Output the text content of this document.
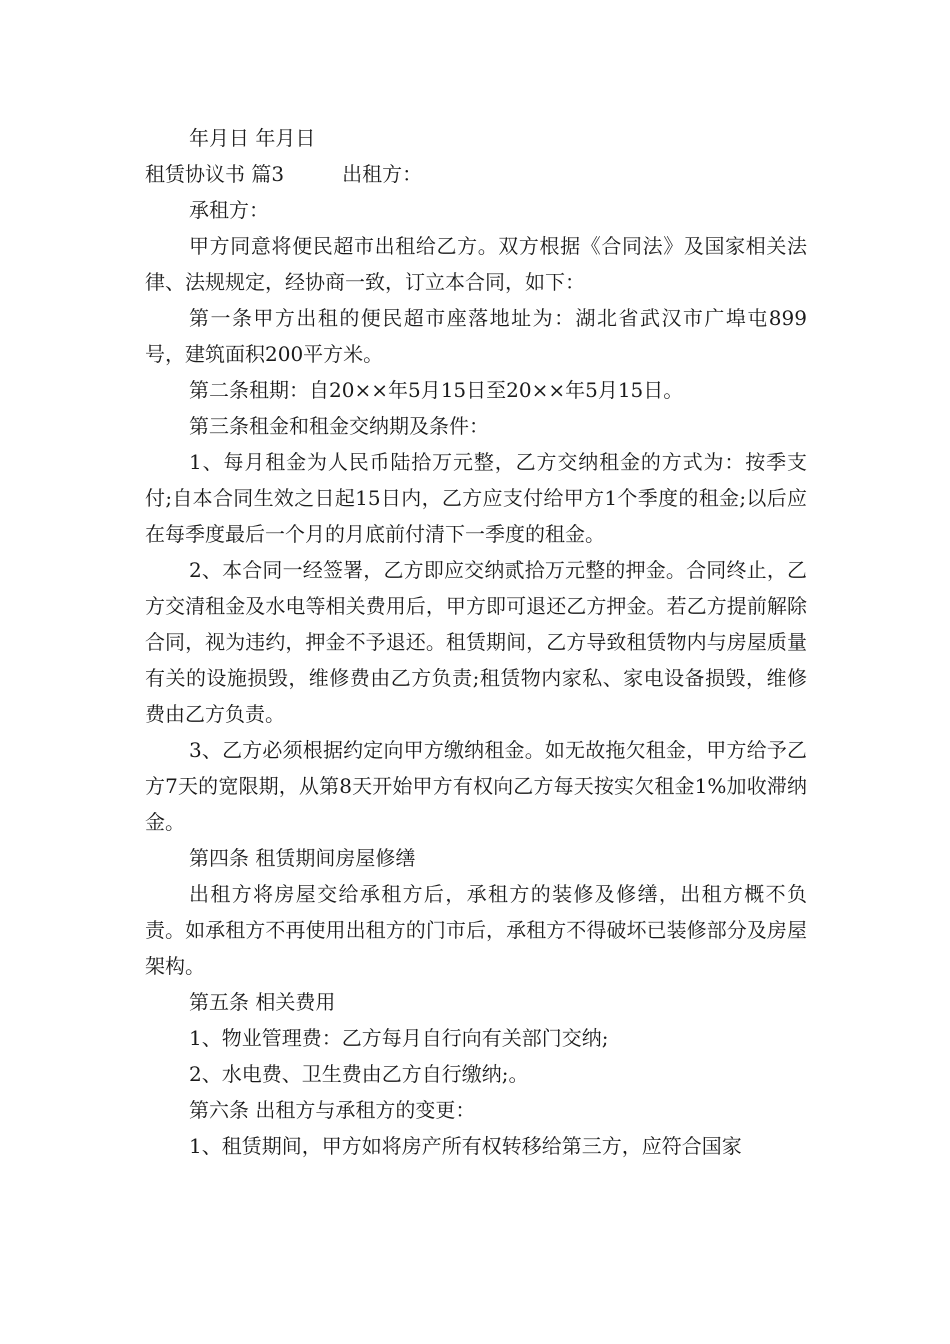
年月日 年月日

租赁协议书 篇3	出租方：

承租方：

甲方同意将便民超市出租给乙方。双方根据《合同法》及国家相关法律、法规规定，经协商一致，订立本合同，如下：

第一条甲方出租的便民超市座落地址为：湖北省武汉市广埠屯899号，建筑面积200平方米。

第二条租期：自20××年5月15日至20××年5月15日。

第三条租金和租金交纳期及条件：

1、每月租金为人民币陆拾万元整，乙方交纳租金的方式为：按季支付;自本合同生效之日起15日内，乙方应支付给甲方1个季度的租金;以后应在每季度最后一个月的月底前付清下一季度的租金。

2、本合同一经签署，乙方即应交纳贰拾万元整的押金。合同终止，乙方交清租金及水电等相关费用后，甲方即可退还乙方押金。若乙方提前解除合同，视为违约，押金不予退还。租赁期间，乙方导致租赁物内与房屋质量有关的设施损毁，维修费由乙方负责;租赁物内家私、家电设备损毁，维修费由乙方负责。

3、乙方必须根据约定向甲方缴纳租金。如无故拖欠租金，甲方给予乙方7天的宽限期，从第8天开始甲方有权向乙方每天按实欠租金1%加收滞纳金。

第四条 租赁期间房屋修缮

出租方将房屋交给承租方后，承租方的装修及修缮，出租方概不负责。如承租方不再使用出租方的门市后，承租方不得破坏已装修部分及房屋架构。

第五条 相关费用

1、物业管理费：乙方每月自行向有关部门交纳;

2、水电费、卫生费由乙方自行缴纳;。

第六条 出租方与承租方的变更：

1、租赁期间，甲方如将房产所有权转移给第三方，应符合国家
